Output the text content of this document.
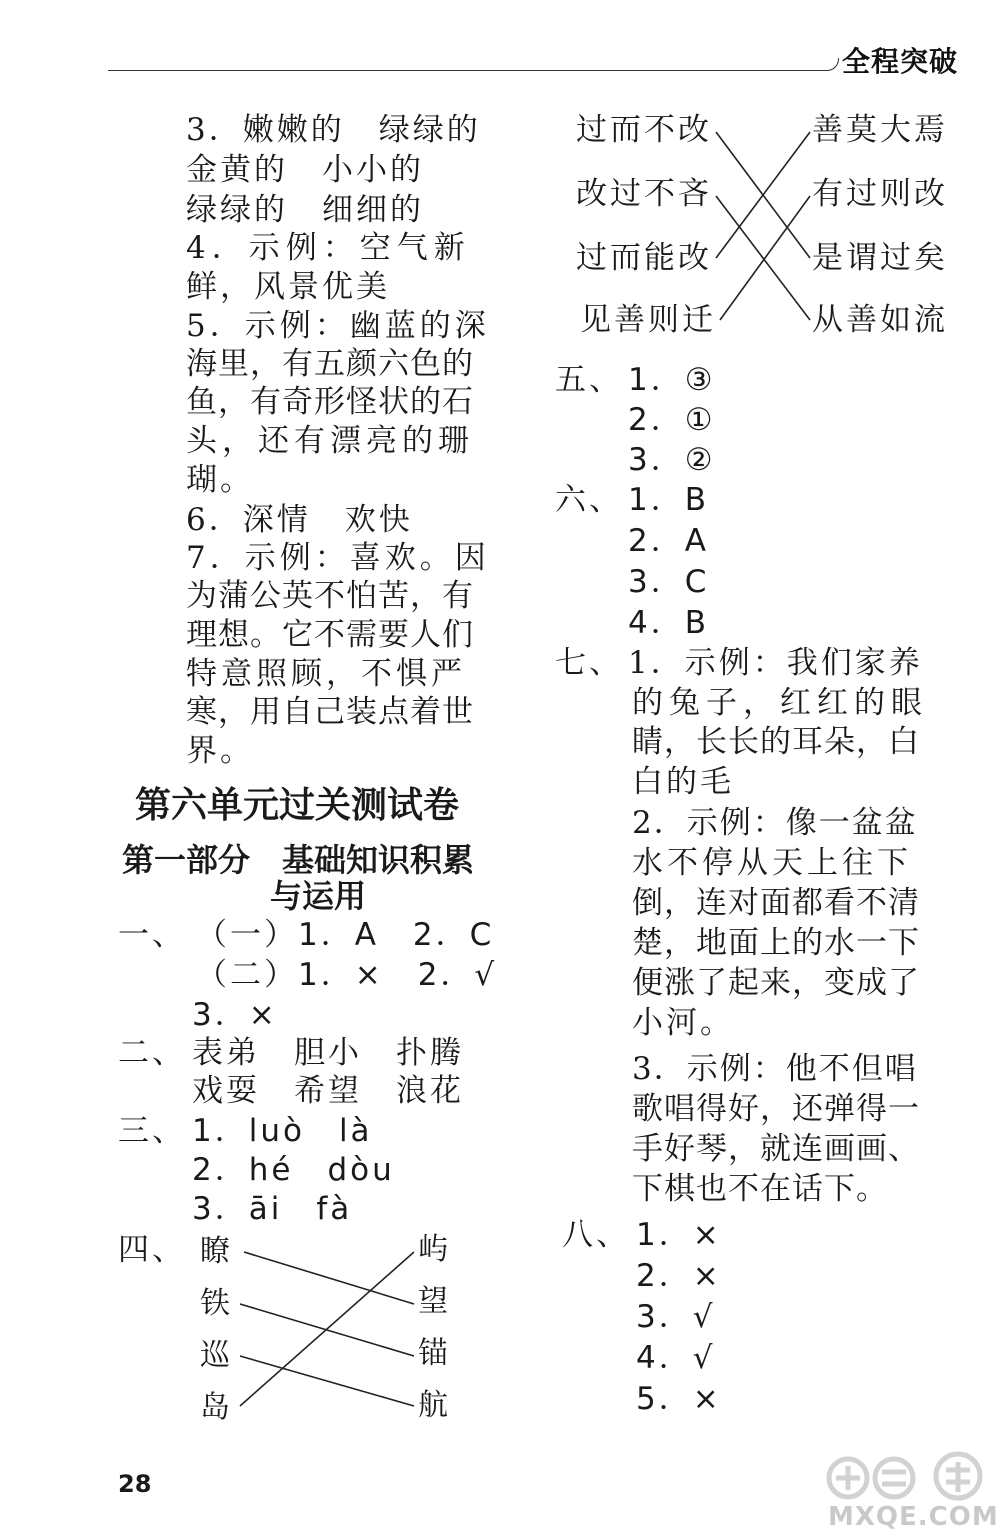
全程突破
3．嫩嫩的　绿绿的
金黄的　小小的
绿绿的　细细的
4．示例：空气新
鲜，风景优美
5．示例：幽蓝的深
海里，有五颜六色的
鱼，有奇形怪状的石
头，还有漂亮的珊
瑚。
6．深情　欢快
7．示例：喜欢。因
为蒲公英不怕苦，有
理想。它不需要人们
特意照顾，不惧严
寒，用自己装点着世
界。
第六单元过关测试卷
第一部分　基础知识积累
与运用
一、 （一）1．A　2．C
（二）1．×　2．√
3．×
二、 表弟　胆小　扑腾
戏耍　希望　浪花
三、 1．luò　là
2．hé　dòu
3．āi　fà
四、 瞭
铁
巡
岛
屿
望
锚
航
过而不改
改过不吝
过而能改
见善则迁
善莫大焉
有过则改
是谓过矣
从善如流
五、 1．③
2．①
3．②
六、 1．B
2．A
3．C
4．B
七、 1．示例：我们家养
的兔子，红红的眼
睛，长长的耳朵，白
白的毛
2．示例：像一盆盆
水不停从天上往下
倒，连对面都看不清
楚，地面上的水一下
便涨了起来，变成了
小河。
3．示例：他不但唱
歌唱得好，还弹得一
手好琴，就连画画、
下棋也不在话下。
八、 1．×
2．×
3．√
4．√
5．×
28
MXQE.COM
